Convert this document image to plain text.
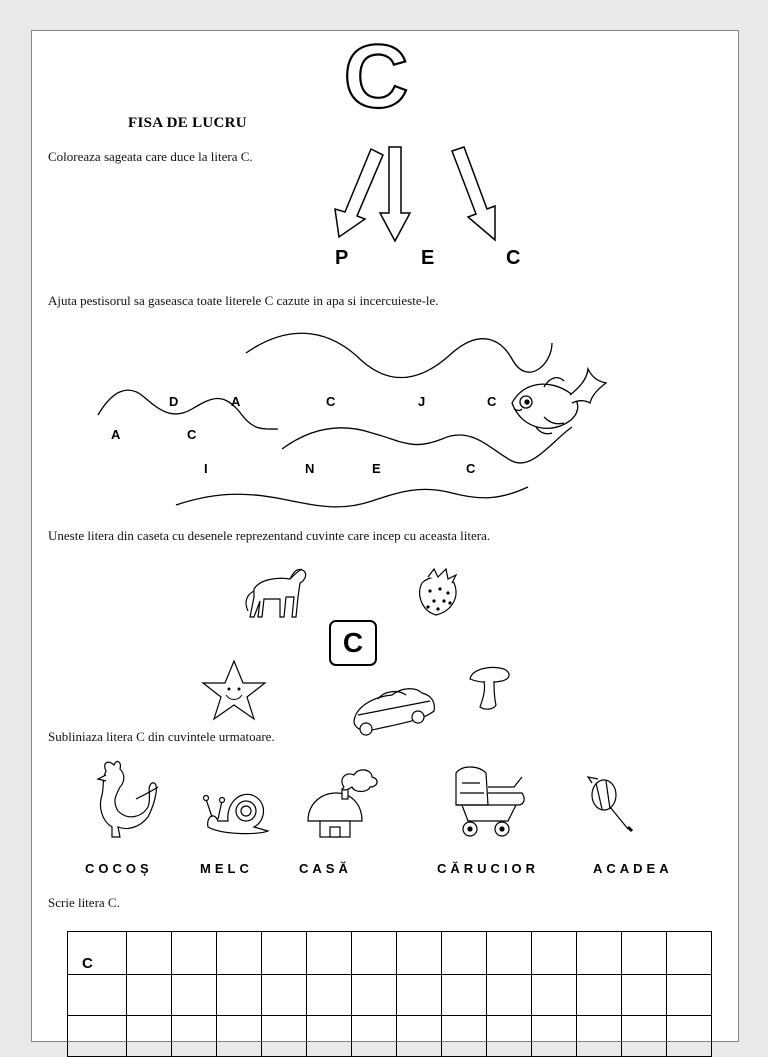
C
FISA DE LUCRU
Coloreaza sageata care duce la litera C.
P	E	C
Ajuta pestisorul sa gaseasca toate literele C cazute in apa si incercuieste-le.
D	A	C	J	C
A	C
I	N	E	C
Uneste litera din caseta cu desenele reprezentand cuvinte care incep cu aceasta litera.
C
Subliniaza litera C din cuvintele urmatoare.
COCOȘ	MELC	CASĂ	CĂRUCIOR	ACADEA
Scrie litera C.
C													
